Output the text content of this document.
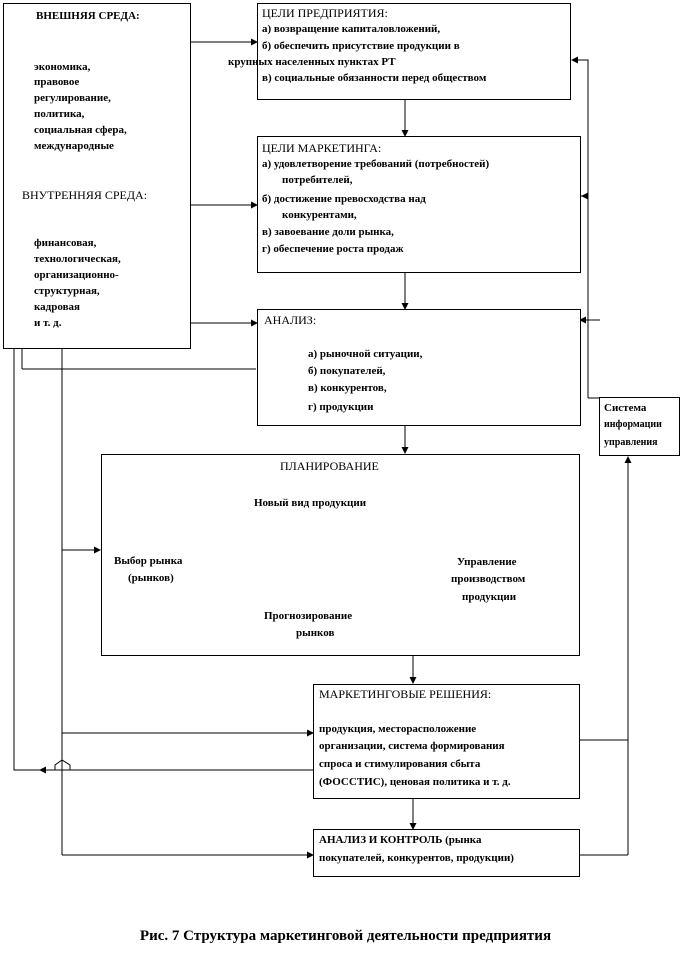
ВНЕШНЯЯ СРЕДА:
экономика,
правовое
регулирование,
политика,
социальная сфера,
международные
ВНУТРЕННЯЯ СРЕДА:
финансовая,
технологическая,
организационно-
структурная,
кадровая
и т. д.
ЦЕЛИ ПРЕДПРИЯТИЯ:
а) возвращение капиталовложений,
б) обеспечить присутствие продукции в
крупных населенных пунктах РТ
в) социальные обязанности перед обществом
ЦЕЛИ МАРКЕТИНГА:
а) удовлетворение требований (потребностей)
потребителей,
б) достижение превосходства над
конкурентами,
в) завоевание доли рынка,
г) обеспечение роста продаж
АНАЛИЗ:
а) рыночной ситуации,
б) покупателей,
в) конкурентов,
г) продукции	Система
информации
управления
ПЛАНИРОВАНИЕ
Новый вид продукции
Выбор рынка
(рынков)
Управление
производством
продукции
Прогнозирование
рынков
МАРКЕТИНГОВЫЕ РЕШЕНИЯ:
продукция, месторасположение
организации, система формирования
спроса и стимулирования сбыта
(ФОССТИС), ценовая политика и т. д.
АНАЛИЗ И КОНТРОЛЬ (рынка
покупателей, конкурентов, продукции)
Рис. 7 Структура маркетинговой деятельности предприятия
